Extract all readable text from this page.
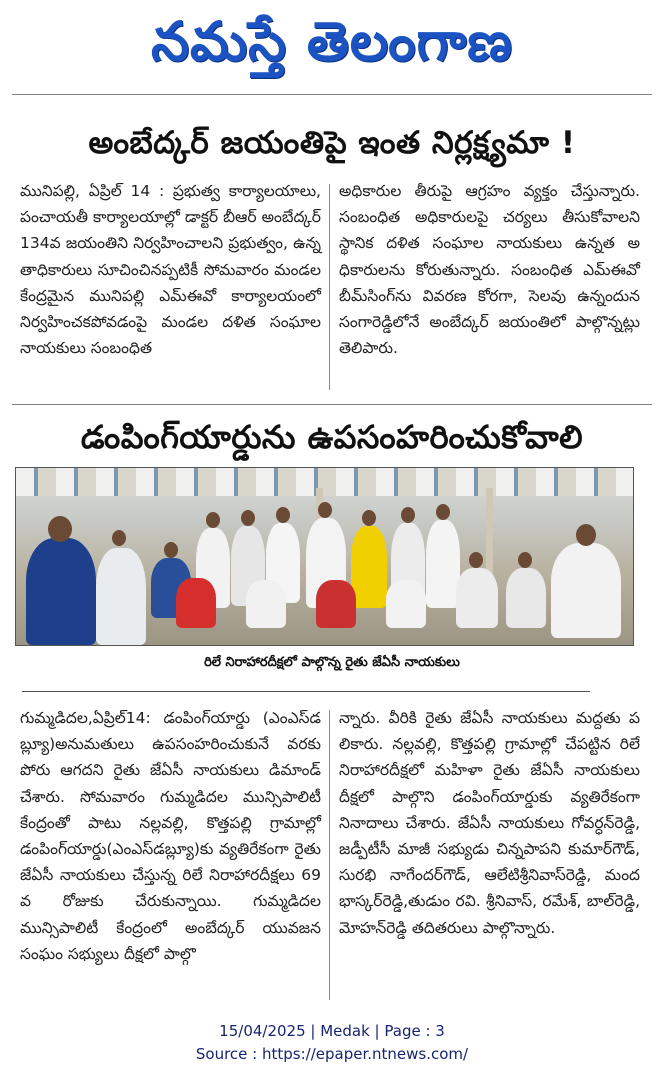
నమస్తే తెలంగాణ
అంబేద్కర్ జయంతిపై ఇంత నిర్లక్ష్యమా !
మునిపల్లి, ఏప్రిల్ 14 : ప్రభుత్వ కార్యాలయాలు, పంచాయతీ కార్యాలయాల్లో డాక్టర్ బీఆర్ అంబేద్కర్ 134వ జయంతిని నిర్వహించాలని ప్రభుత్వం, ఉన్నతాధికారులు సూచించినప్పటికీ సోమవారం మండల కేంద్రమైన మునిపల్లి ఎమ్ఈవో కార్యాలయంలో నిర్వహించకపోవడంపై మండల దళిత సంఘాల నాయకులు సంబంధిత
అధికారుల తీరుపై ఆగ్రహం వ్యక్తం చేస్తున్నారు. సంబంధిత అధికారులపై చర్యలు తీసుకోవాలని స్థానిక దళిత సంఘాల నాయకులు ఉన్నత అధికారులను కోరుతున్నారు. సంబంధిత ఎమ్ఈవో బీమ్‌సింగ్‌ను వివరణ కోరగా, సెలవు ఉన్నందున సంగారెడ్డిలోనే అంబేద్కర్ జయంతిలో పాల్గొన్నట్లు తెలిపారు.
డంపింగ్‌యార్డును ఉపసంహరించుకోవాలి
రిలే నిరాహారదీక్షలో పాల్గొన్న రైతు జేఏసీ నాయకులు
గుమ్మడిదల,ఏప్రిల్14: డంపింగ్‌యార్డు (ఎంఎస్‌డబ్ల్యూ)అనుమతులు ఉపసంహరించుకునే వరకు పోరు ఆగదని రైతు జేఏసీ నాయకులు డిమాండ్ చేశారు. సోమవారం గుమ్మడిదల మున్సిపాలిటీ కేంద్రంతో పాటు నల్లవల్లి, కొత్తపల్లి గ్రామాల్లో డంపింగ్‌యార్డు(ఎంఎస్‌డబ్ల్యూ)కు వ్యతిరేకంగా రైతు జేఏసీ నాయకులు చేస్తున్న రిలే నిరాహారదీక్షలు 69వ రోజుకు చేరుకున్నాయి. గుమ్మడిదల మున్సిపాలిటీ కేంద్రంలో అంబేద్కర్ యువజన సంఘం సభ్యులు దీక్షలో పాల్గొ
న్నారు. వీరికి రైతు జేఏసీ నాయకులు మద్దతు పలికారు. నల్లవల్లి, కొత్తపల్లి గ్రామాల్లో చేపట్టిన రిలే నిరాహారదీక్షలో మహిళా రైతు జేఏసీ నాయకులు దీక్షలో పాల్గొని డంపింగ్‌యార్డుకు వ్యతిరేకంగా నినాదాలు చేశారు. జేఏసీ నాయకులు గోవర్ధన్‌రెడ్డి, జడ్పీటీసీ మాజీ సభ్యుడు చిన్నపాపని కుమార్‌గౌడ్, సురభి నాగేందర్‌గౌడ్, ఆలేటిశ్రీనివాస్‌రెడ్డి, మందభాస్కర్‌రెడ్డి,తుడుం రవి. శ్రీనివాస్, రమేశ్, బాల్‌రెడ్డి, మోహన్‌రెడ్డి తదితరులు పాల్గొన్నారు.
15/04/2025 | Medak | Page : 3
Source : https://epaper.ntnews.com/
